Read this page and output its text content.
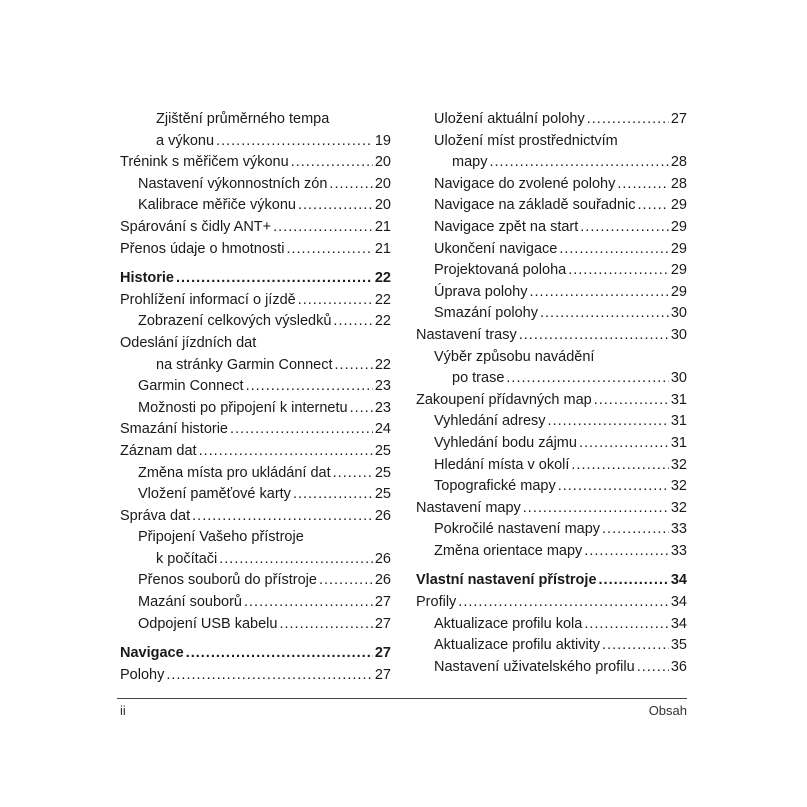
Zjištění průměrného tempa
a výkonu .....	19
Trénink s měřičem výkonu .....	20
Nastavení výkonnostních zón .....	20
Kalibrace měřiče výkonu .....	20
Spárování s čidly ANT+ .....	21
Přenos údaje o hmotnosti .....	21
Historie .....	22
Prohlížení informací o jízdě .....	22
Zobrazení celkových výsledků .....	22
Odeslání jízdních dat
na stránky Garmin Connect .....	22
Garmin Connect .....	23
Možnosti po připojení k internetu ..... 23
Smazání historie .....	24
Záznam dat .....	25
Změna místa pro ukládání dat .....	25
Vložení paměťové karty .....	25
Správa dat .....	26
Připojení Vašeho přístroje
k počítači .....	26
Přenos souborů do přístroje .....	26
Mazání souborů .....	27
Odpojení USB kabelu .....	27
Navigace .....	27
Polohy .....	27
Uložení aktuální polohy .....	27
Uložení míst prostřednictvím
mapy .....	28
Navigace do zvolené polohy .....	28
Navigace na základě souřadnic ..... 29
Navigace zpět na start .....	29
Ukončení navigace .....	29
Projektovaná poloha .....	29
Úprava polohy .....	29
Smazání polohy .....	30
Nastavení trasy .....	30
Výběr způsobu navádění
po trase .....	30
Zakoupení přídavných map .....	31
Vyhledání adresy .....	31
Vyhledání bodu zájmu .....	31
Hledání místa v okolí .....	32
Topografické mapy .....	32
Nastavení mapy .....	32
Pokročilé nastavení mapy .....	33
Změna orientace mapy .....	33
Vlastní nastavení přístroje .....	34
Profily .....	34
Aktualizace profilu kola .....	34
Aktualizace profilu aktivity .....	35
Nastavení uživatelského profilu ..... 36
ii	Obsah
